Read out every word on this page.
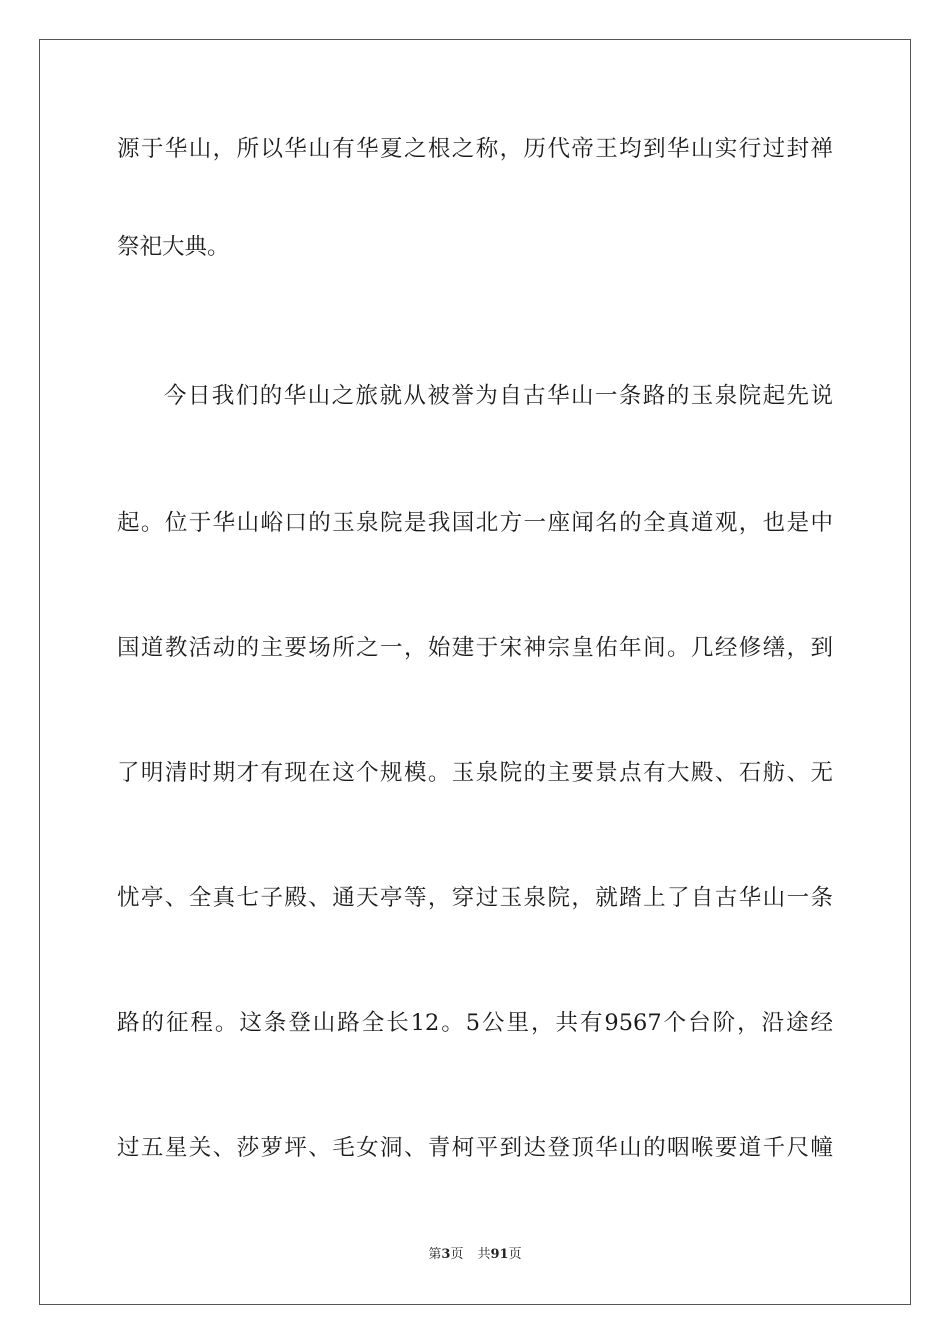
源于华山，所以华山有华夏之根之称，历代帝王均到华山实行过封禅
祭祀大典。
今日我们的华山之旅就从被誉为自古华山一条路的玉泉院起先说
起。位于华山峪口的玉泉院是我国北方一座闻名的全真道观，也是中
国道教活动的主要场所之一，始建于宋神宗皇佑年间。几经修缮，到
了明清时期才有现在这个规模。玉泉院的主要景点有大殿、石舫、无
忧亭、全真七子殿、通天亭等，穿过玉泉院，就踏上了自古华山一条
路的征程。这条登山路全长12。5公里，共有9567个台阶，沿途经
过五星关、莎萝坪、毛女洞、青柯平到达登顶华山的咽喉要道千尺幢
第3页 共91页
